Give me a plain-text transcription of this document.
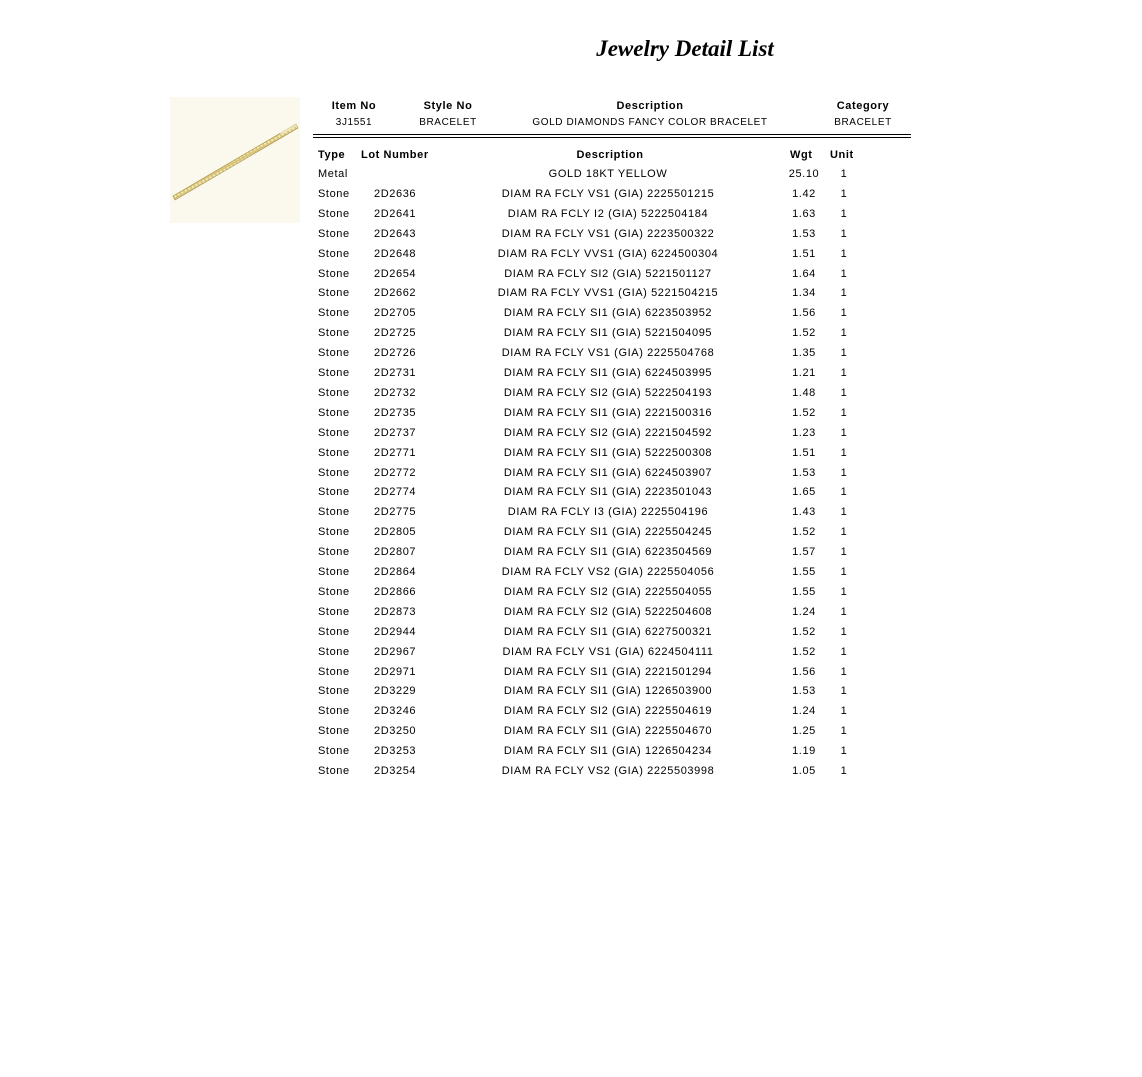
Jewelry Detail List
Item No	Style No	Description	Category
3J1551	BRACELET	GOLD DIAMONDS FANCY COLOR BRACELET	BRACELET
Type Lot Number	Description	Wgt Unit
Metal	GOLD 18KT YELLOW	25.10	1
Stone 2D2636	DIAM RA FCLY VS1 (GIA) 2225501215	1.42	1
Stone 2D2641	DIAM RA FCLY I2 (GIA) 5222504184	1.63	1
Stone 2D2643	DIAM RA FCLY VS1 (GIA) 2223500322	1.53	1
Stone 2D2648	DIAM RA FCLY VVS1 (GIA) 6224500304	1.51	1
Stone 2D2654	DIAM RA FCLY SI2 (GIA) 5221501127	1.64	1
Stone 2D2662	DIAM RA FCLY VVS1 (GIA) 5221504215	1.34	1
Stone 2D2705	DIAM RA FCLY SI1 (GIA) 6223503952	1.56	1
Stone 2D2725	DIAM RA FCLY SI1 (GIA) 5221504095	1.52	1
Stone 2D2726	DIAM RA FCLY VS1 (GIA) 2225504768	1.35	1
Stone 2D2731	DIAM RA FCLY SI1 (GIA) 6224503995	1.21	1
Stone 2D2732	DIAM RA FCLY SI2 (GIA) 5222504193	1.48	1
Stone 2D2735	DIAM RA FCLY SI1 (GIA) 2221500316	1.52	1
Stone 2D2737	DIAM RA FCLY SI2 (GIA) 2221504592	1.23	1
Stone 2D2771	DIAM RA FCLY SI1 (GIA) 5222500308	1.51	1
Stone 2D2772	DIAM RA FCLY SI1 (GIA) 6224503907	1.53	1
Stone 2D2774	DIAM RA FCLY SI1 (GIA) 2223501043	1.65	1
Stone 2D2775	DIAM RA FCLY I3 (GIA) 2225504196	1.43	1
Stone 2D2805	DIAM RA FCLY SI1 (GIA) 2225504245	1.52	1
Stone 2D2807	DIAM RA FCLY SI1 (GIA) 6223504569	1.57	1
Stone 2D2864	DIAM RA FCLY VS2 (GIA) 2225504056	1.55	1
Stone 2D2866	DIAM RA FCLY SI2 (GIA) 2225504055	1.55	1
Stone 2D2873	DIAM RA FCLY SI2 (GIA) 5222504608	1.24	1
Stone 2D2944	DIAM RA FCLY SI1 (GIA) 6227500321	1.52	1
Stone 2D2967	DIAM RA FCLY VS1 (GIA) 6224504111	1.52	1
Stone 2D2971	DIAM RA FCLY SI1 (GIA) 2221501294	1.56	1
Stone 2D3229	DIAM RA FCLY SI1 (GIA) 1226503900	1.53	1
Stone 2D3246	DIAM RA FCLY SI2 (GIA) 2225504619	1.24	1
Stone 2D3250	DIAM RA FCLY SI1 (GIA) 2225504670	1.25	1
Stone 2D3253	DIAM RA FCLY SI1 (GIA) 1226504234	1.19	1
Stone 2D3254	DIAM RA FCLY VS2 (GIA) 2225503998	1.05	1
